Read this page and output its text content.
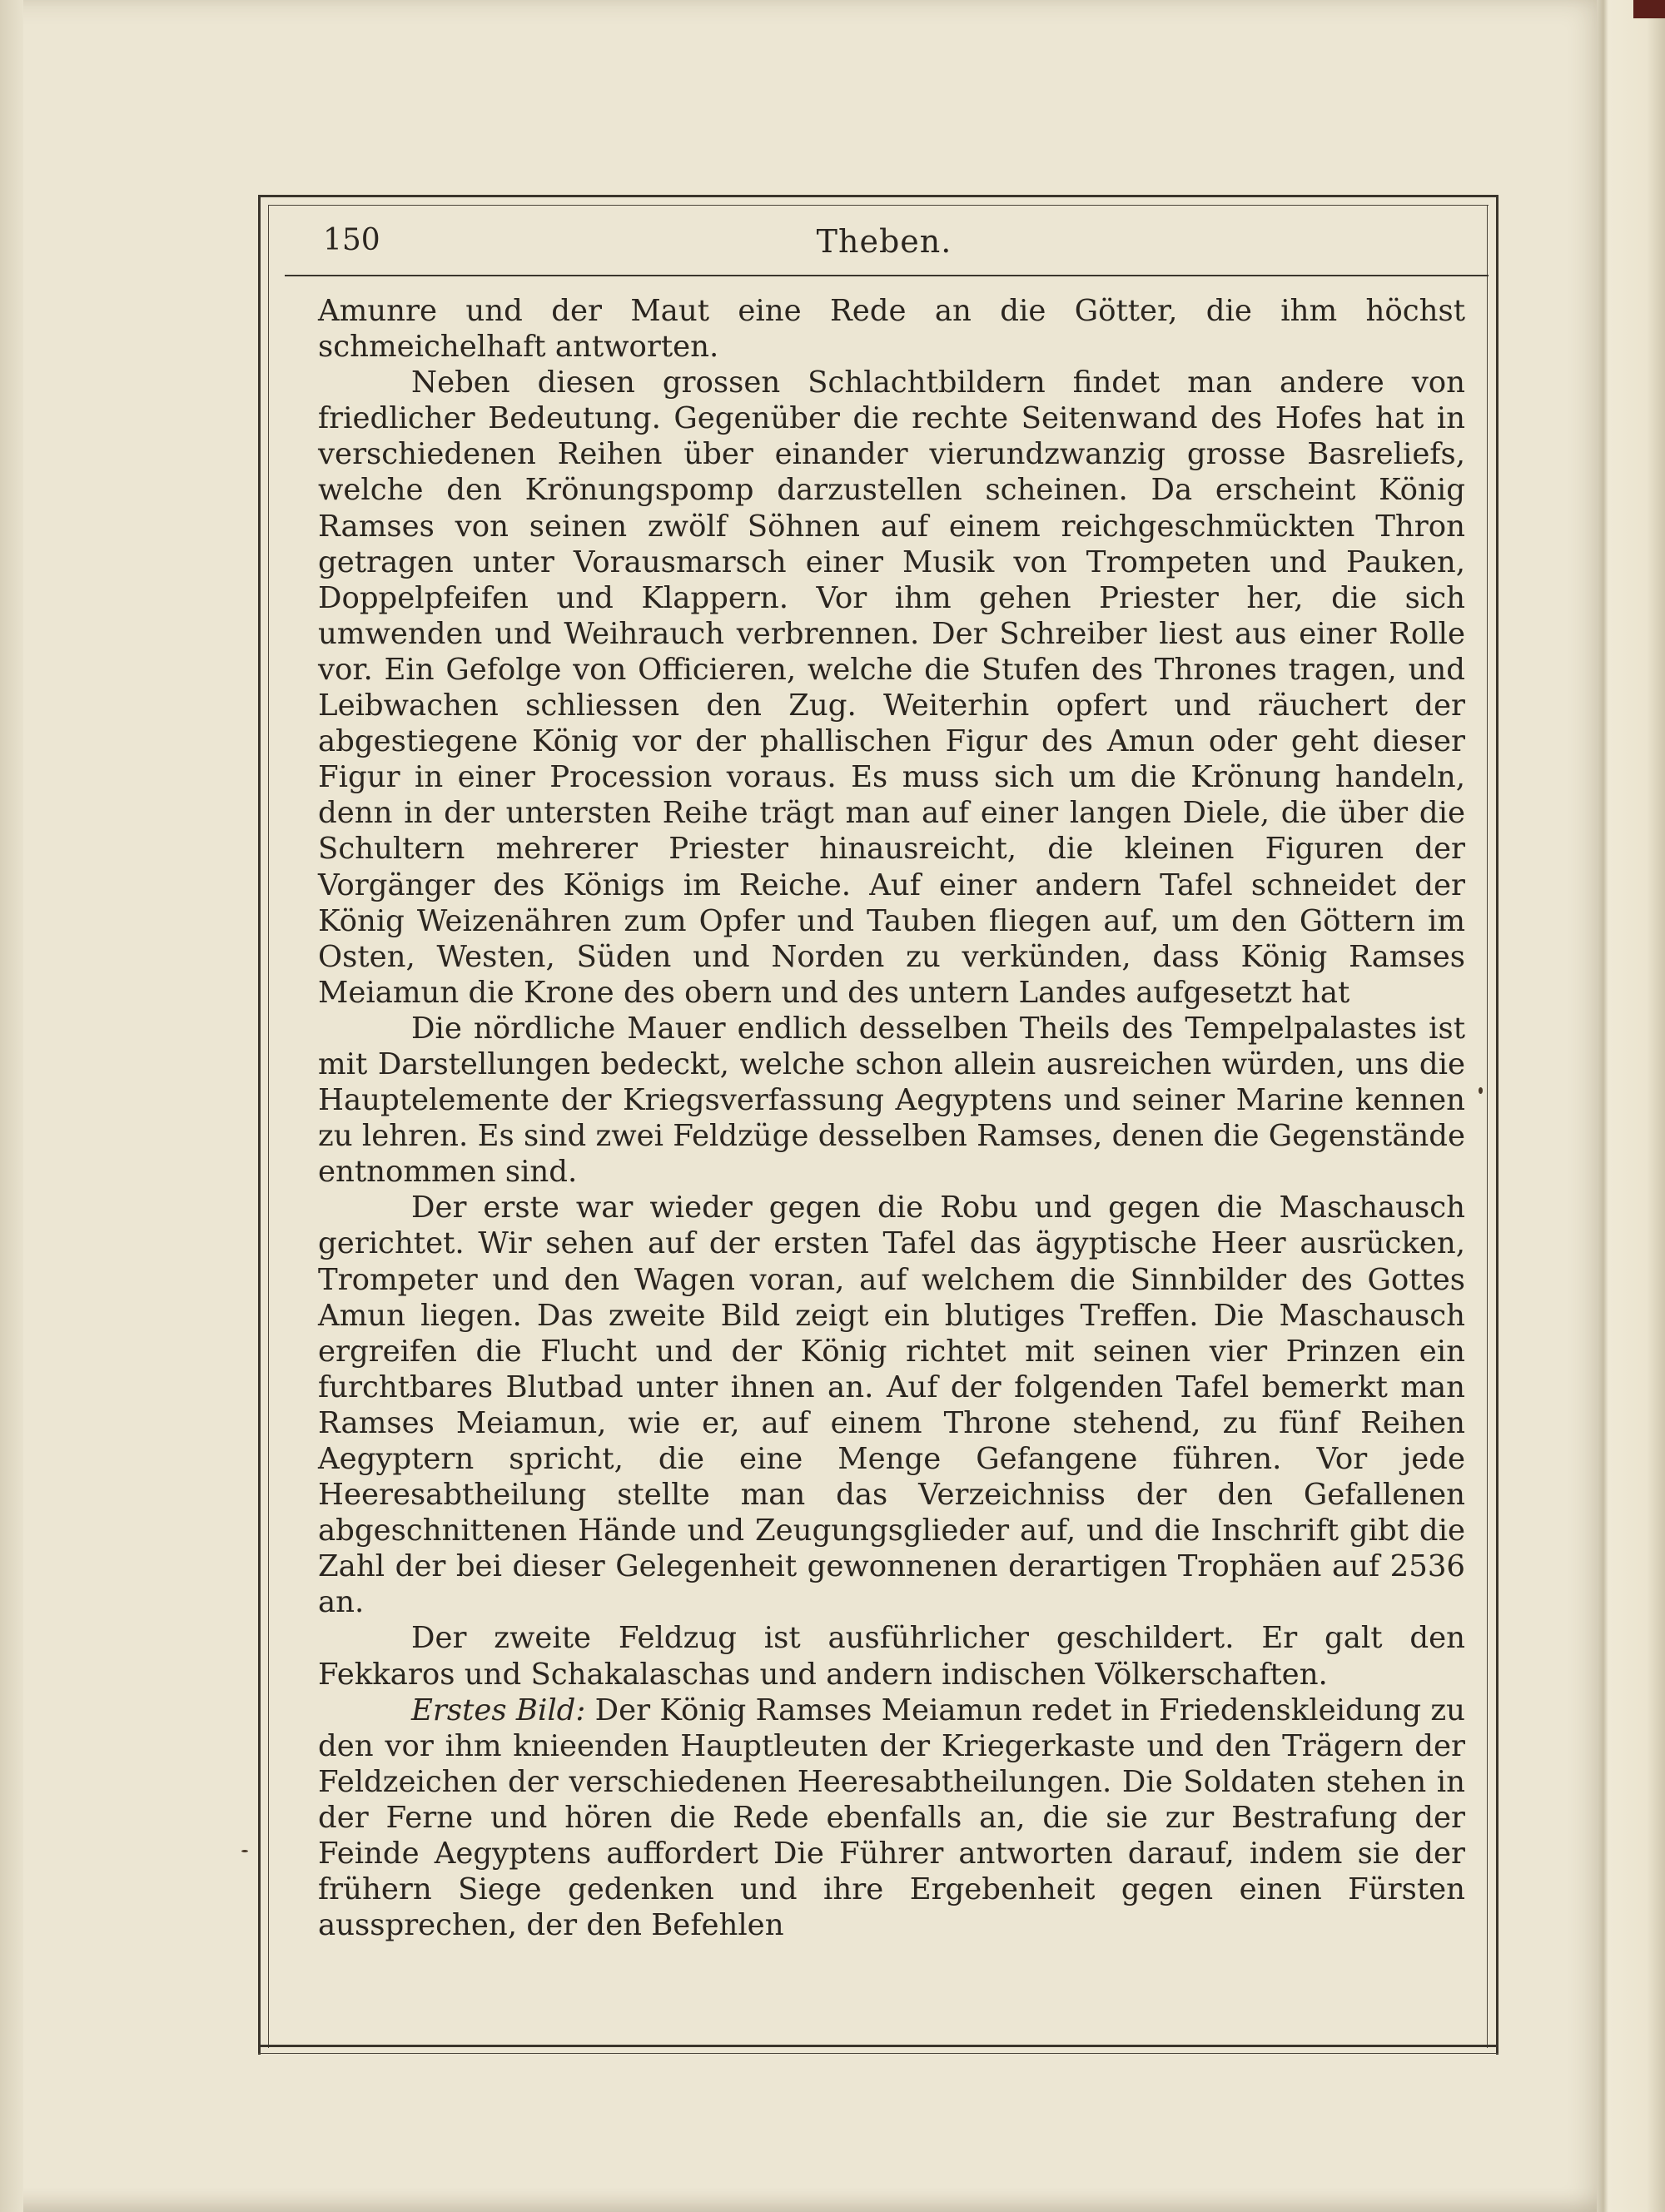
150	Theben.

Amunre und der Maut eine Rede an die Götter, die ihm höchst schmeichelhaft antworten.

Neben diesen grossen Schlachtbildern findet man andere von friedlicher Bedeutung. Gegenüber die rechte Seitenwand des Hofes hat in verschiedenen Reihen über einander vierundzwanzig grosse Basreliefs, welche den Krönungspomp darzustellen scheinen. Da erscheint König Ramses von seinen zwölf Söhnen auf einem reichgeschmückten Thron getragen unter Vorausmarsch einer Musik von Trompeten und Pauken, Doppelpfeifen und Klappern. Vor ihm gehen Priester her, die sich umwenden und Weihrauch verbrennen. Der Schreiber liest aus einer Rolle vor. Ein Gefolge von Officieren, welche die Stufen des Thrones tragen, und Leibwachen schliessen den Zug. Weiterhin opfert und räuchert der abgestiegene König vor der phallischen Figur des Amun oder geht dieser Figur in einer Procession voraus. Es muss sich um die Krönung handeln, denn in der untersten Reihe trägt man auf einer langen Diele, die über die Schultern mehrerer Priester hinausreicht, die kleinen Figuren der Vorgänger des Königs im Reiche. Auf einer andern Tafel schneidet der König Weizenähren zum Opfer und Tauben fliegen auf, um den Göttern im Osten, Westen, Süden und Norden zu verkünden, dass König Ramses Meiamun die Krone des obern und des untern Landes aufgesetzt hat

Die nördliche Mauer endlich desselben Theils des Tempelpalastes ist mit Darstellungen bedeckt, welche schon allein ausreichen würden, uns die Hauptelemente der Kriegsverfassung Aegyptens und seiner Marine kennen zu lehren. Es sind zwei Feldzüge desselben Ramses, denen die Gegenstände entnommen sind.

Der erste war wieder gegen die Robu und gegen die Maschausch gerichtet. Wir sehen auf der ersten Tafel das ägyptische Heer ausrücken, Trompeter und den Wagen voran, auf welchem die Sinnbilder des Gottes Amun liegen. Das zweite Bild zeigt ein blutiges Treffen. Die Maschausch ergreifen die Flucht und der König richtet mit seinen vier Prinzen ein furchtbares Blutbad unter ihnen an. Auf der folgenden Tafel bemerkt man Ramses Meiamun, wie er, auf einem Throne stehend, zu fünf Reihen Aegyptern spricht, die eine Menge Gefangene führen. Vor jede Heeresabtheilung stellte man das Verzeichniss der den Gefallenen abgeschnittenen Hände und Zeugungsglieder auf, und die Inschrift gibt die Zahl der bei dieser Gelegenheit gewonnenen derartigen Trophäen auf 2536 an.

Der zweite Feldzug ist ausführlicher geschildert. Er galt den Fekkaros und Schakalaschas und andern indischen Völkerschaften.

Erstes Bild: Der König Ramses Meiamun redet in Friedenskleidung zu den vor ihm knieenden Hauptleuten der Kriegerkaste und den Trägern der Feldzeichen der verschiedenen Heeresabtheilungen. Die Soldaten stehen in der Ferne und hören die Rede ebenfalls an, die sie zur Bestrafung der Feinde Aegyptens auffordert Die Führer antworten darauf, indem sie der frühern Siege gedenken und ihre Ergebenheit gegen einen Fürsten aussprechen, der den Befehlen
